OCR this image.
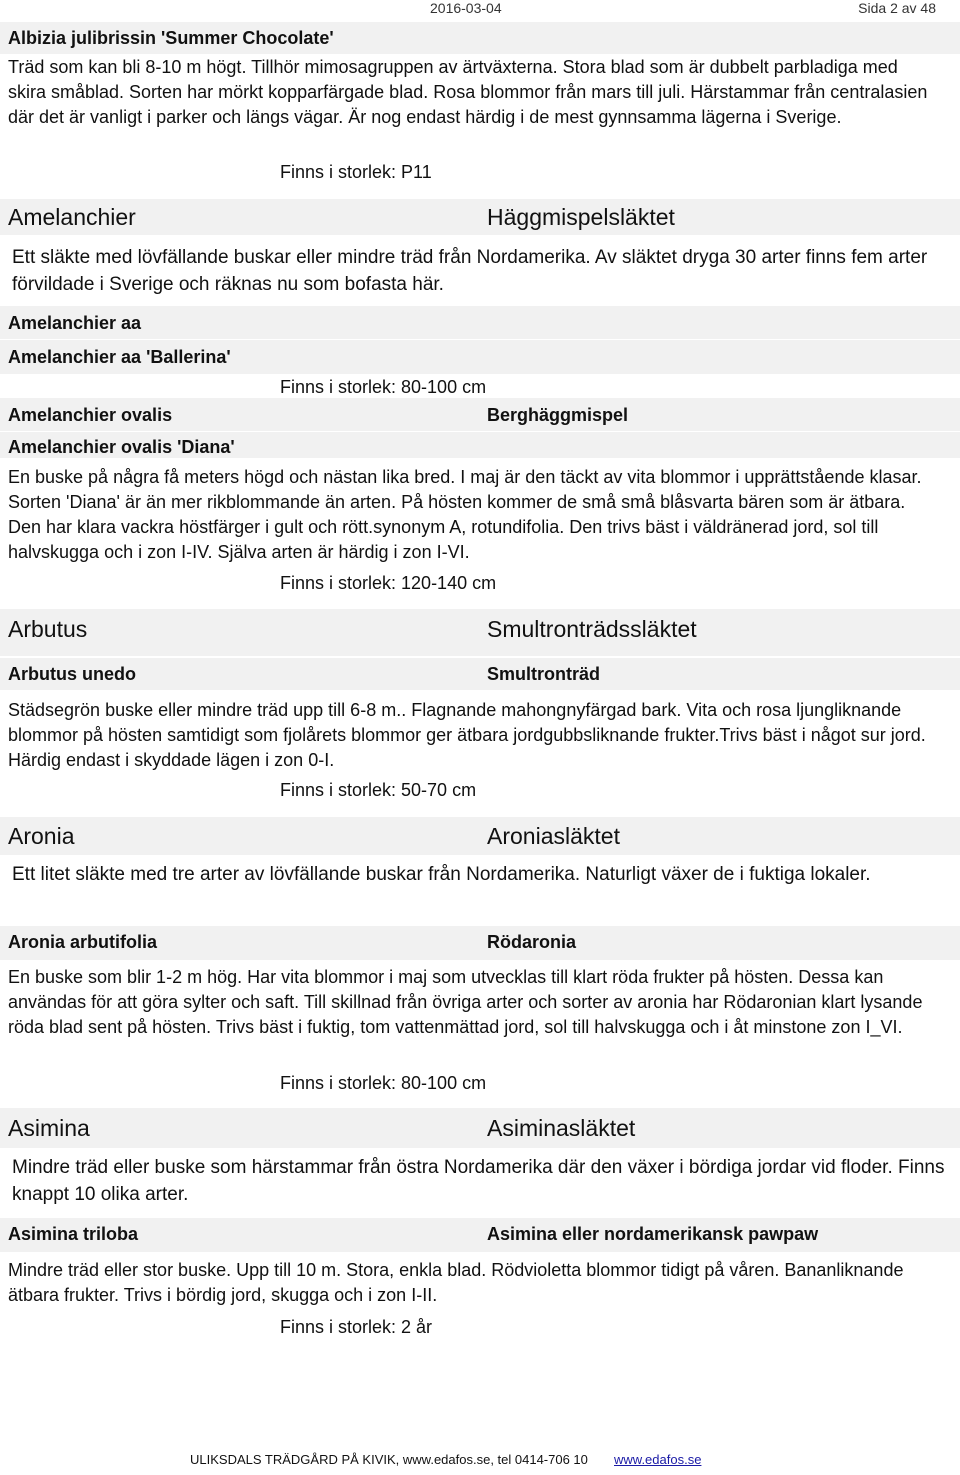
2016-03-04	Sida 2 av 48
Albizia julibrissin 'Summer Chocolate'
Träd som kan bli 8-10 m högt. Tillhör mimosagruppen av ärtväxterna. Stora blad som är dubbelt parbladiga med skira småblad. Sorten har mörkt kopparfärgade blad. Rosa blommor från mars till juli. Härstammar från centralasien där det är vanligt i parker och längs vägar. Är nog endast härdig i de mest gynnsamma lägerna i Sverige.
Finns i storlek: P11
Amelanchier	Häggmispelsläktet
Ett släkte med lövfällande buskar eller mindre träd från Nordamerika. Av släktet dryga 30 arter finns fem arter förvildade i Sverige och räknas nu som bofasta här.
Amelanchier aa
Amelanchier aa 'Ballerina'
Finns i storlek: 80-100 cm
Amelanchier ovalis	Berghäggmispel
Amelanchier ovalis 'Diana'
En buske på några få meters högd och nästan lika bred. I maj är den täckt av vita blommor i upprättstående klasar. Sorten 'Diana' är än mer rikblommande än arten. På hösten kommer de små små blåsvarta bären som är ätbara. Den har klara vackra höstfärger i gult och rött.synonym A, rotundifolia. Den trivs bäst i väldränerad jord, sol till halvskugga och i zon I-IV. Själva arten är härdig i zon I-VI.
Finns i storlek: 120-140 cm
Arbutus	Smultronträdssläktet
Arbutus unedo	Smultronträd
Städsegrön buske eller mindre träd upp till 6-8 m.. Flagnande mahongnyfärgad bark. Vita och rosa ljungliknande blommor på hösten samtidigt som fjolårets blommor ger ätbara jordgubbsliknande frukter.Trivs bäst i något sur jord. Härdig endast i skyddade lägen i zon 0-I.
Finns i storlek: 50-70 cm
Aronia	Aroniasläktet
Ett litet släkte med tre arter av lövfällande buskar från Nordamerika. Naturligt växer de i fuktiga lokaler.
Aronia arbutifolia	Rödaronia
En buske som blir 1-2 m hög. Har vita blommor i maj som utvecklas till klart röda frukter på hösten. Dessa kan användas för att göra sylter och saft. Till skillnad från övriga arter och sorter av aronia har Rödaronian klart lysande röda blad sent på hösten. Trivs bäst i fuktig, tom vattenmättad jord, sol till halvskugga och i åt minstone zon I_VI.
Finns i storlek: 80-100 cm
Asimina	Asiminasläktet
Mindre träd eller buske som härstammar från östra Nordamerika där den växer i bördiga jordar vid floder. Finns knappt 10 olika arter.
Asimina triloba	Asimina eller nordamerikansk pawpaw
Mindre träd eller stor buske. Upp till 10 m. Stora, enkla blad. Rödvioletta blommor tidigt på våren. Bananliknande ätbara frukter. Trivs i bördig jord, skugga och i zon I-II.
Finns i storlek: 2 år
ULIKSDALS TRÄDGÅRD PÅ KIVIK, www.edafos.se, tel 0414-706 10 www.edafos.se
